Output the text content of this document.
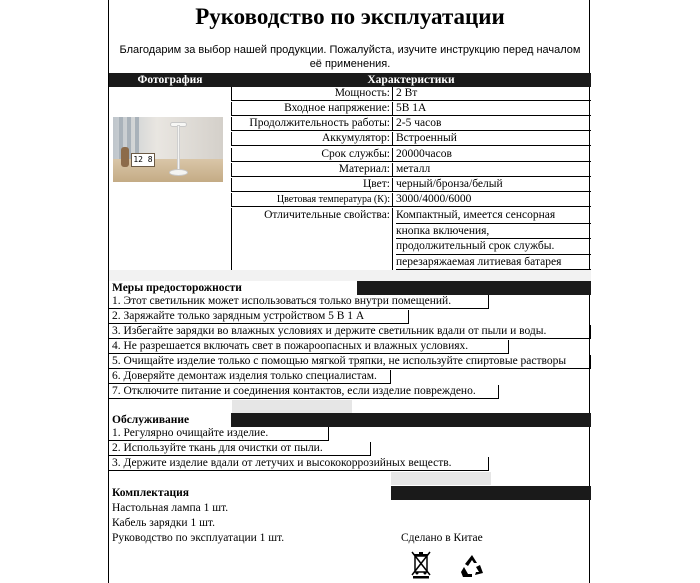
Руководство по эксплуатации
Благодарим за выбор нашей продукции. Пожалуйста, изучите инструкцию перед началом её применения.
Фотография	Характеристики
12 8
Мощность: 2 Вт
Входное напряжение: 5В 1А
Продолжительность работы: 2-5 часов
Аккумулятор: Встроенный
Срок службы: 20000часов
Материал: металл
Цвет: черный/бронза/белый
Цветовая температура (К): 3000/4000/6000
Отличительные свойства: Компактный, имеется сенсорная
кнопка включения,
продолжительный срок службы.
перезаряжаемая литиевая батарея
Меры предосторожности
1. Этот светильник может использоваться только внутри помещений.
2. Заряжайте только зарядным устройством 5 В 1 А
3. Избегайте зарядки во влажных условиях и держите светильник вдали от пыли и воды.
4. Не разрешается включать свет в пожароопасных и влажных условиях.
5. Очищайте изделие только с помощью мягкой тряпки, не используйте спиртовые растворы
6. Доверяйте демонтаж изделия только специалистам.
7. Отключите питание и соединения контактов, если изделие повреждено.
Обслуживание
1. Регулярно очищайте изделие.
2. Используйте ткань для очистки от пыли.
3. Держите изделие вдали от летучих и высококоррозийных веществ.
Комплектация
Настольная лампа 1 шт.
Кабель зарядки 1 шт.
Руководство по эксплуатации 1 шт.	Сделано в Китае
